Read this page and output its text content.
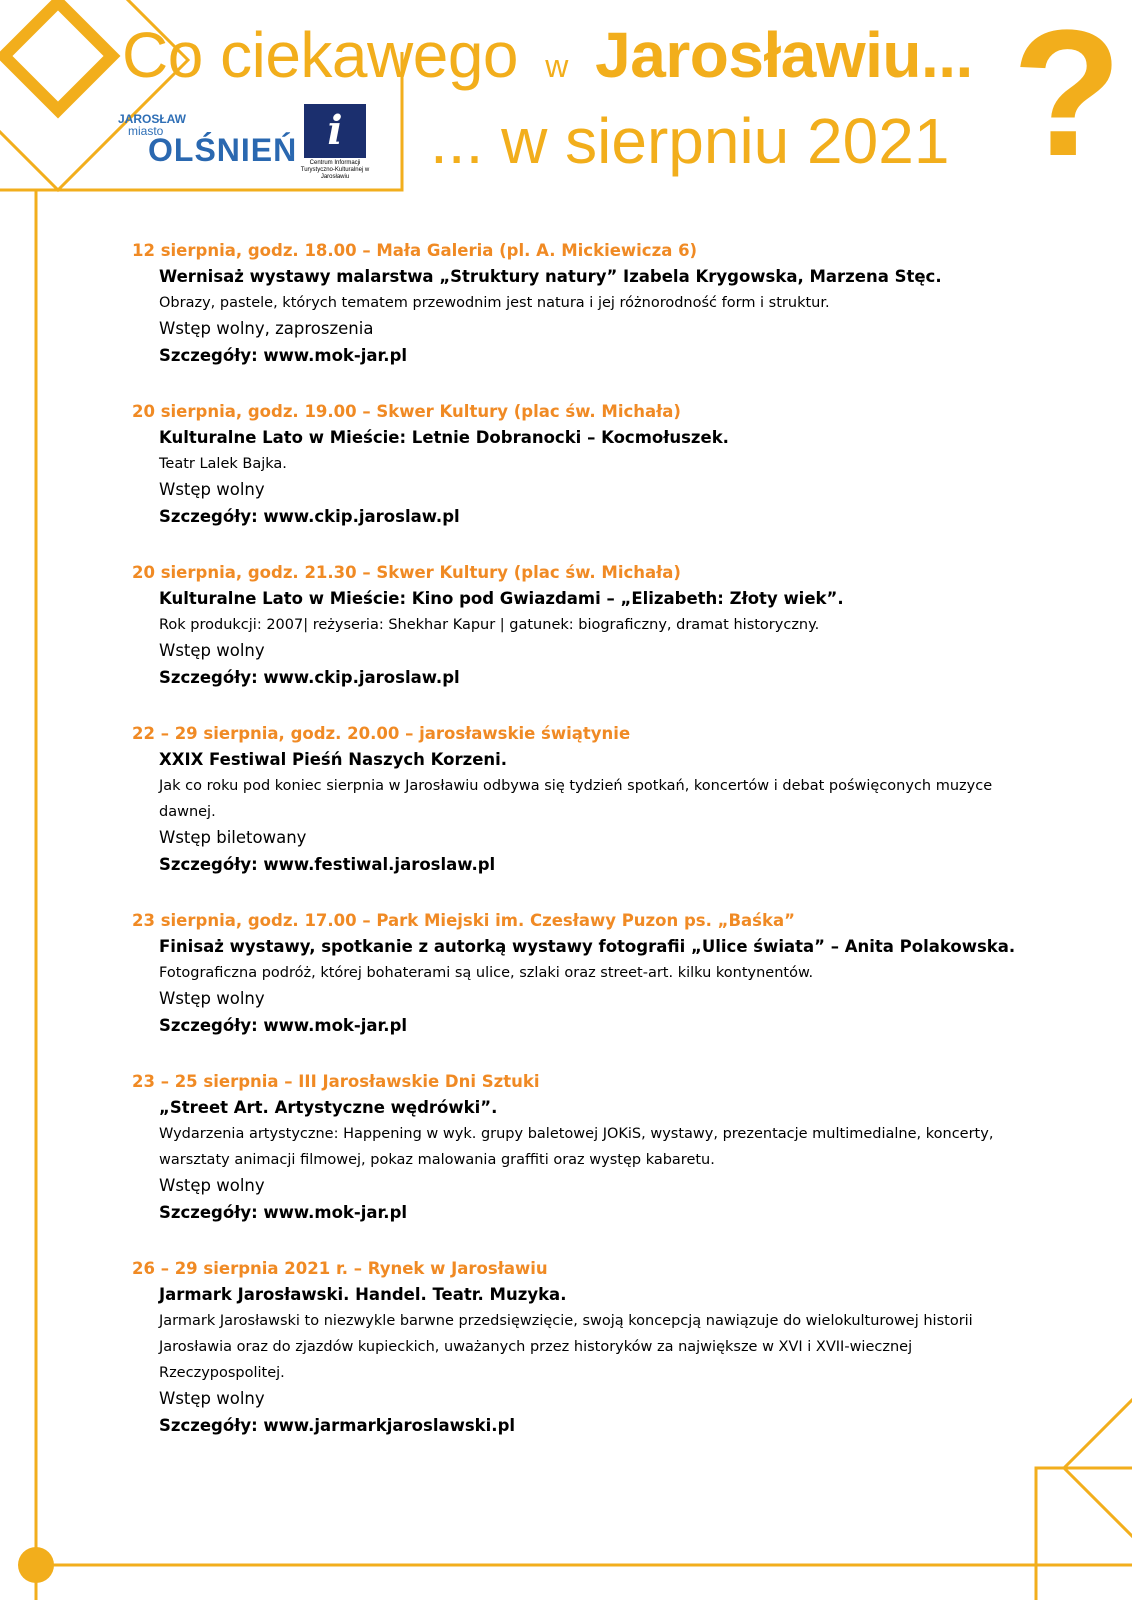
Co ciekawego w Jarosławiu...
... w sierpniu 2021 ?
JAROSŁAW
miasto
OLŚNIEŃ i
Centrum Informacji Turystyczno-Kulturalnej w Jarosławiu
12 sierpnia, godz. 18.00 – Mała Galeria (pl. A. Mickiewicza 6)
Wernisaż wystawy malarstwa „Struktury natury” Izabela Krygowska, Marzena Stęc.
Obrazy, pastele, których tematem przewodnim jest natura i jej różnorodność form i struktur.
Wstęp wolny, zaproszenia
Szczegóły: www.mok-jar.pl
20 sierpnia, godz. 19.00 – Skwer Kultury (plac św. Michała)
Kulturalne Lato w Mieście: Letnie Dobranocki – Kocmołuszek.
Teatr Lalek Bajka.
Wstęp wolny
Szczegóły: www.ckip.jaroslaw.pl
20 sierpnia, godz. 21.30 – Skwer Kultury (plac św. Michała)
Kulturalne Lato w Mieście: Kino pod Gwiazdami – „Elizabeth: Złoty wiek”.
Rok produkcji: 2007| reżyseria: Shekhar Kapur | gatunek: biograficzny, dramat historyczny.
Wstęp wolny
Szczegóły: www.ckip.jaroslaw.pl
22 – 29 sierpnia, godz. 20.00 – jarosławskie świątynie
XXIX Festiwal Pieśń Naszych Korzeni.
Jak co roku pod koniec sierpnia w Jarosławiu odbywa się tydzień spotkań, koncertów i debat poświęconych muzyce dawnej.
Wstęp biletowany
Szczegóły: www.festiwal.jaroslaw.pl
23 sierpnia, godz. 17.00 – Park Miejski im. Czesławy Puzon ps. „Baśka”
Finisaż wystawy, spotkanie z autorką wystawy fotografii „Ulice świata” – Anita Polakowska.
Fotograficzna podróż, której bohaterami są ulice, szlaki oraz street-art. kilku kontynentów.
Wstęp wolny
Szczegóły: www.mok-jar.pl
23 – 25 sierpnia – III Jarosławskie Dni Sztuki
„Street Art. Artystyczne wędrówki”.
Wydarzenia artystyczne: Happening w wyk. grupy baletowej JOKiS, wystawy, prezentacje multimedialne, koncerty, warsztaty animacji filmowej, pokaz malowania graffiti oraz występ kabaretu.
Wstęp wolny
Szczegóły: www.mok-jar.pl
26 – 29 sierpnia 2021 r. – Rynek w Jarosławiu
Jarmark Jarosławski. Handel. Teatr. Muzyka.
Jarmark Jarosławski to niezwykle barwne przedsięwzięcie, swoją koncepcją nawiązuje do wielokulturowej historii Jarosławia oraz do zjazdów kupieckich, uważanych przez historyków za największe w XVI i XVII-wiecznej Rzeczypospolitej.
Wstęp wolny
Szczegóły: www.jarmarkjaroslawski.pl
